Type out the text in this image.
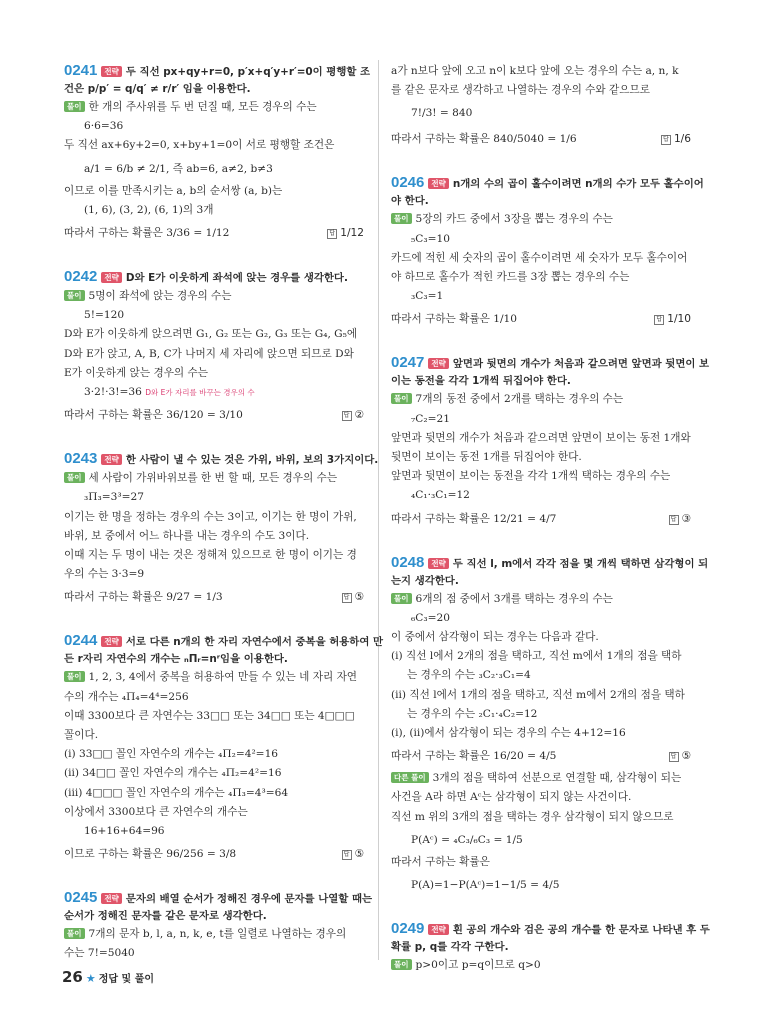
0241 전략 두 직선 px+qy+r=0, p′x+q′y+r′=0이 평행할 조
건은 p/p′ = q/q′ ≠ r/r′ 임을 이용한다.
풀이 한 개의 주사위를 두 번 던질 때, 모든 경우의 수는
6·6=36
두 직선 ax+6y+2=0, x+by+1=0이 서로 평행할 조건은
a/1 = 6/b ≠ 2/1, 즉 ab=6, a≠2, b≠3
이므로 이를 만족시키는 a, b의 순서쌍 (a, b)는
(1, 6), (3, 2), (6, 1)의 3개
따라서 구하는 확률은 3/36 = 1/12	답 1/12
0242 전략 D와 E가 이웃하게 좌석에 앉는 경우를 생각한다.
풀이 5명이 좌석에 앉는 경우의 수는
5!=120
D와 E가 이웃하게 앉으려면 G₁, G₂ 또는 G₂, G₃ 또는 G₄, G₅에
D와 E가 앉고, A, B, C가 나머지 세 자리에 앉으면 되므로 D와
E가 이웃하게 앉는 경우의 수는
3·2!·3!=36 D와 E가 자리를 바꾸는 경우의 수
따라서 구하는 확률은 36/120 = 3/10	답 ②
0243 전략 한 사람이 낼 수 있는 것은 가위, 바위, 보의 3가지이다.
풀이 세 사람이 가위바위보를 한 번 할 때, 모든 경우의 수는
₃Π₃=3³=27
이기는 한 명을 정하는 경우의 수는 3이고, 이기는 한 명이 가위,
바위, 보 중에서 어느 하나를 내는 경우의 수도 3이다.
이때 지는 두 명이 내는 것은 정해져 있으므로 한 명이 이기는 경
우의 수는 3·3=9
따라서 구하는 확률은 9/27 = 1/3	답 ⑤
0244 전략 서로 다른 n개의 한 자리 자연수에서 중복을 허용하여 만
든 r자리 자연수의 개수는 ₙΠᵣ=nʳ임을 이용한다.
풀이 1, 2, 3, 4에서 중복을 허용하여 만들 수 있는 네 자리 자연
수의 개수는 ₄Π₄=4⁴=256
이때 3300보다 큰 자연수는 33□□ 또는 34□□ 또는 4□□□
꼴이다.
(i) 33□□ 꼴인 자연수의 개수는 ₄Π₂=4²=16
(ii) 34□□ 꼴인 자연수의 개수는 ₄Π₂=4²=16
(iii) 4□□□ 꼴인 자연수의 개수는 ₄Π₃=4³=64
이상에서 3300보다 큰 자연수의 개수는
16+16+64=96
이므로 구하는 확률은 96/256 = 3/8	답 ⑤
0245 전략 문자의 배열 순서가 정해진 경우에 문자를 나열할 때는
순서가 정해진 문자를 같은 문자로 생각한다.
풀이 7개의 문자 b, l, a, n, k, e, t를 일렬로 나열하는 경우의
수는 7!=5040
a가 n보다 앞에 오고 n이 k보다 앞에 오는 경우의 수는 a, n, k
를 같은 문자로 생각하고 나열하는 경우의 수와 같으므로
7!/3! = 840
따라서 구하는 확률은 840/5040 = 1/6	답 1/6
0246 전략 n개의 수의 곱이 홀수이려면 n개의 수가 모두 홀수이어
야 한다.
풀이 5장의 카드 중에서 3장을 뽑는 경우의 수는
₅C₃=10
카드에 적힌 세 숫자의 곱이 홀수이려면 세 숫자가 모두 홀수이어
야 하므로 홀수가 적힌 카드를 3장 뽑는 경우의 수는
₃C₃=1
따라서 구하는 확률은 1/10	답 1/10
0247 전략 앞면과 뒷면의 개수가 처음과 같으려면 앞면과 뒷면이 보
이는 동전을 각각 1개씩 뒤집어야 한다.
풀이 7개의 동전 중에서 2개를 택하는 경우의 수는
₇C₂=21
앞면과 뒷면의 개수가 처음과 같으려면 앞면이 보이는 동전 1개와
뒷면이 보이는 동전 1개를 뒤집어야 한다.
앞면과 뒷면이 보이는 동전을 각각 1개씩 택하는 경우의 수는
₄C₁·₃C₁=12
따라서 구하는 확률은 12/21 = 4/7	답 ③
0248 전략 두 직선 l, m에서 각각 점을 몇 개씩 택하면 삼각형이 되
는지 생각한다.
풀이 6개의 점 중에서 3개를 택하는 경우의 수는
₆C₃=20
이 중에서 삼각형이 되는 경우는 다음과 같다.
(i) 직선 l에서 2개의 점을 택하고, 직선 m에서 1개의 점을 택하
는 경우의 수는 ₃C₂·₃C₁=4
(ii) 직선 l에서 1개의 점을 택하고, 직선 m에서 2개의 점을 택하
는 경우의 수는 ₂C₁·₄C₂=12
(i), (ii)에서 삼각형이 되는 경우의 수는 4+12=16
따라서 구하는 확률은 16/20 = 4/5	답 ⑤
다른 풀이 3개의 점을 택하여 선분으로 연결할 때, 삼각형이 되는
사건을 A라 하면 Aᶜ는 삼각형이 되지 않는 사건이다.
직선 m 위의 3개의 점을 택하는 경우 삼각형이 되지 않으므로
P(Aᶜ) = ₄C₃/₆C₃ = 1/5
따라서 구하는 확률은
P(A)=1−P(Aᶜ)=1−1/5 = 4/5
0249 전략 흰 공의 개수와 검은 공의 개수를 한 문자로 나타낸 후 두
확률 p, q를 각각 구한다.
풀이 p>0이고 p=q이므로 q>0
26 ★ 정답 및 풀이
